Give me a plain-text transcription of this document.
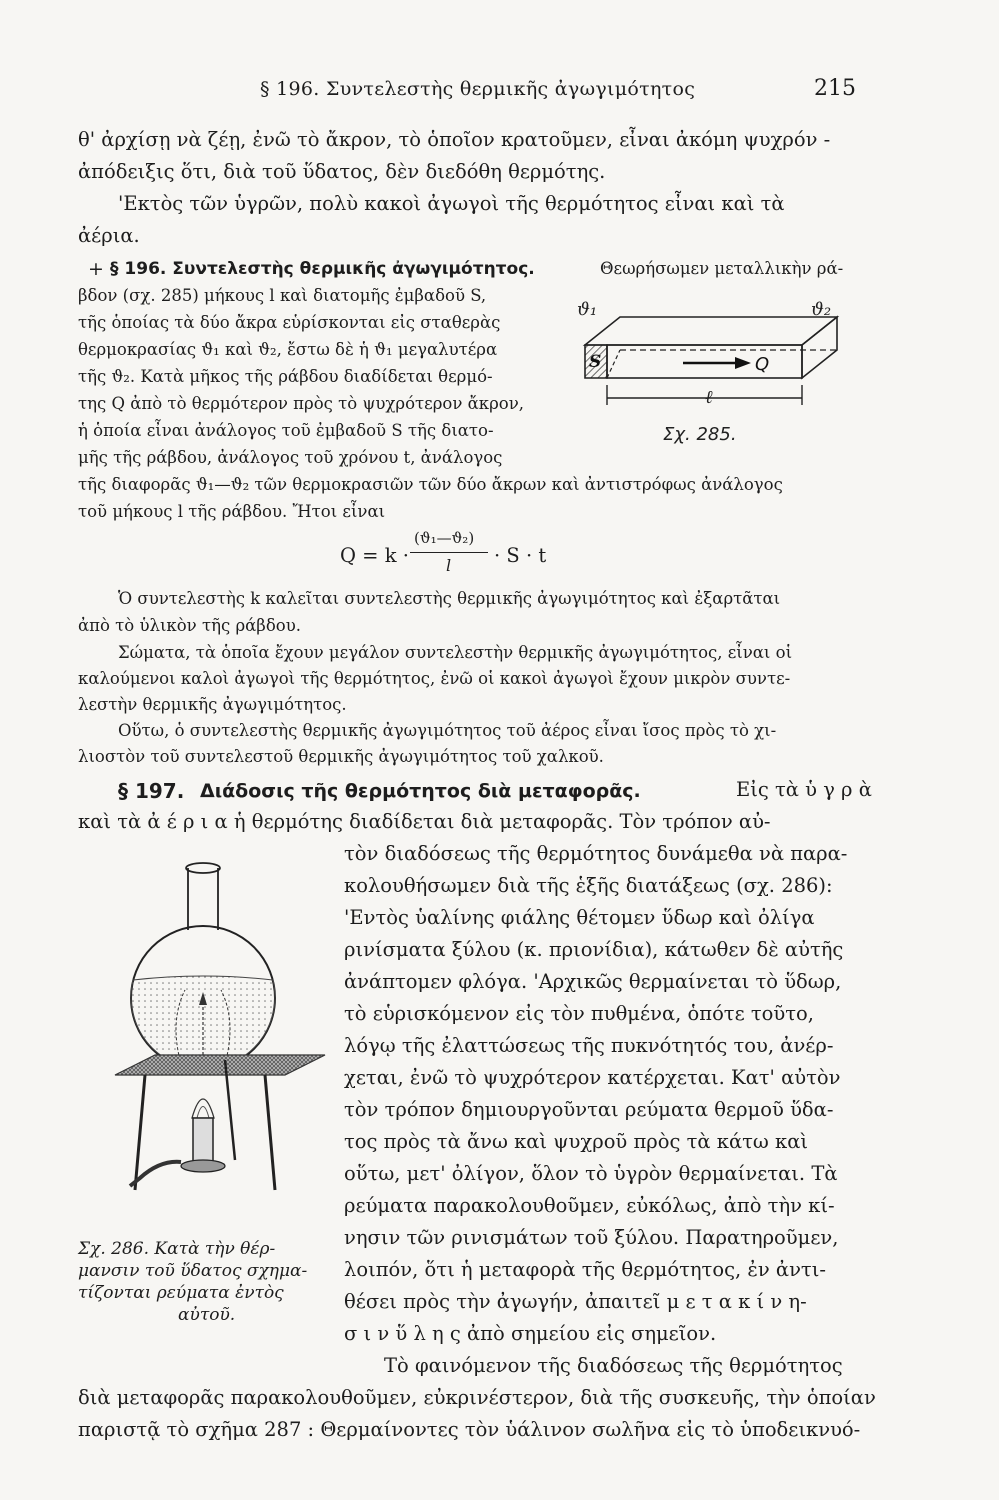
§ 196. Συντελεστὴς θερμικῆς ἀγωγιμότητος	215
θ' ἀρχίσῃ νὰ ζέῃ, ἐνῶ τὸ ἄκρον, τὸ ὁποῖον κρατοῦμεν, εἶναι ἀκόμη ψυχρόν -
ἀπόδειξις ὅτι, διὰ τοῦ ὕδατος, δὲν διεδόθη θερμότης.
'Εκτὸς τῶν ὑγρῶν, πολὺ κακοὶ ἀγωγοὶ τῆς θερμότητος εἶναι καὶ τὰ
ἀέρια.
+ § 196. Συντελεστὴς θερμικῆς ἀγωγιμότητος.	Θεωρήσωμεν μεταλλικὴν ρά-
βδον (σχ. 285) μήκους l καὶ διατομῆς ἐμβαδοῦ S,
τῆς ὁποίας τὰ δύο ἄκρα εὑρίσκονται εἰς σταθερὰς
θερμοκρασίας ϑ₁ καὶ ϑ₂, ἔστω δὲ ἡ ϑ₁ μεγαλυτέρα
τῆς ϑ₂. Κατὰ μῆκος τῆς ράβδου διαδίδεται θερμό-
της Q ἀπὸ τὸ θερμότερον πρὸς τὸ ψυχρότερον ἄκρον,
ἡ ὁποία εἶναι ἀνάλογος τοῦ ἐμβαδοῦ S τῆς διατο-
μῆς τῆς ράβδου, ἀνάλογος τοῦ χρόνου t, ἀνάλογος
τῆς διαφορᾶς ϑ₁—ϑ₂ τῶν θερμοκρασιῶν τῶν δύο ἄκρων καὶ ἀντιστρόφως ἀνάλογος
τοῦ μήκους l τῆς ράβδου. Ἤτοι εἶναι
ϑ₁	ϑ₂
S	Q
ℓ
Σχ. 285.
Q = k ·
(ϑ₁—ϑ₂)
l · S · t
Ὁ συντελεστὴς k καλεῖται συντελεστὴς θερμικῆς ἀγωγιμότητος καὶ ἐξαρτᾶται
ἀπὸ τὸ ὑλικὸν τῆς ράβδου.
Σώματα, τὰ ὁποῖα ἔχουν μεγάλον συντελεστὴν θερμικῆς ἀγωγιμότητος, εἶναι οἱ
καλούμενοι καλοὶ ἀγωγοὶ τῆς θερμότητος, ἐνῶ οἱ κακοὶ ἀγωγοὶ ἔχουν μικρὸν συντε-
λεστὴν θερμικῆς ἀγωγιμότητος.
Οὕτω, ὁ συντελεστὴς θερμικῆς ἀγωγιμότητος τοῦ ἀέρος εἶναι ἴσος πρὸς τὸ χι-
λιοστὸν τοῦ συντελεστοῦ θερμικῆς ἀγωγιμότητος τοῦ χαλκοῦ.
§ 197. Διάδοσις τῆς θερμότητος διὰ μεταφορᾶς.	Εἰς τὰ ὑ γ ρ ὰ
καὶ τὰ ἀ έ ρ ι α ἡ θερμότης διαδίδεται διὰ μεταφορᾶς. Τὸν τρόπον αὐ-
τὸν διαδόσεως τῆς θερμότητος δυνάμεθα νὰ παρα-
κολουθήσωμεν διὰ τῆς ἑξῆς διατάξεως (σχ. 286):
'Εντὸς ὑαλίνης φιάλης θέτομεν ὕδωρ καὶ ὀλίγα
ρινίσματα ξύλου (κ. πριονίδια), κάτωθεν δὲ αὐτῆς
ἀνάπτομεν φλόγα. 'Αρχικῶς θερμαίνεται τὸ ὕδωρ,
τὸ εὑρισκόμενον εἰς τὸν πυθμένα, ὁπότε τοῦτο,
λόγῳ τῆς ἐλαττώσεως τῆς πυκνότητός του, ἀνέρ-
χεται, ἐνῶ τὸ ψυχρότερον κατέρχεται. Κατ' αὐτὸν
τὸν τρόπον δημιουργοῦνται ρεύματα θερμοῦ ὕδα-
τος πρὸς τὰ ἄνω καὶ ψυχροῦ πρὸς τὰ κάτω καὶ
οὕτω, μετ' ὀλίγον, ὅλον τὸ ὑγρὸν θερμαίνεται. Τὰ
ρεύματα παρακολουθοῦμεν, εὐκόλως, ἀπὸ τὴν κί-
νησιν τῶν ρινισμάτων τοῦ ξύλου. Παρατηροῦμεν,
λοιπόν, ὅτι ἡ μεταφορὰ τῆς θερμότητος, ἐν ἀντι-
θέσει πρὸς τὴν ἀγωγήν, ἀπαιτεῖ μ ε τ α κ ί ν η-
σ ι ν ὕ λ η ς ἀπὸ σημείου εἰς σημεῖον.
Τὸ φαινόμενον τῆς διαδόσεως τῆς θερμότητος
διὰ μεταφορᾶς παρακολουθοῦμεν, εὐκρινέστερον, διὰ τῆς συσκευῆς, τὴν ὁποίαν
παριστᾷ τὸ σχῆμα 287 : Θερμαίνοντες τὸν ὑάλινον σωλῆνα εἰς τὸ ὑποδεικνυό-
Σχ. 286. Κατὰ τὴν θέρ-
μανσιν τοῦ ὕδατος σχημα-
τίζονται ρεύματα ἐντὸς
αὐτοῦ.
